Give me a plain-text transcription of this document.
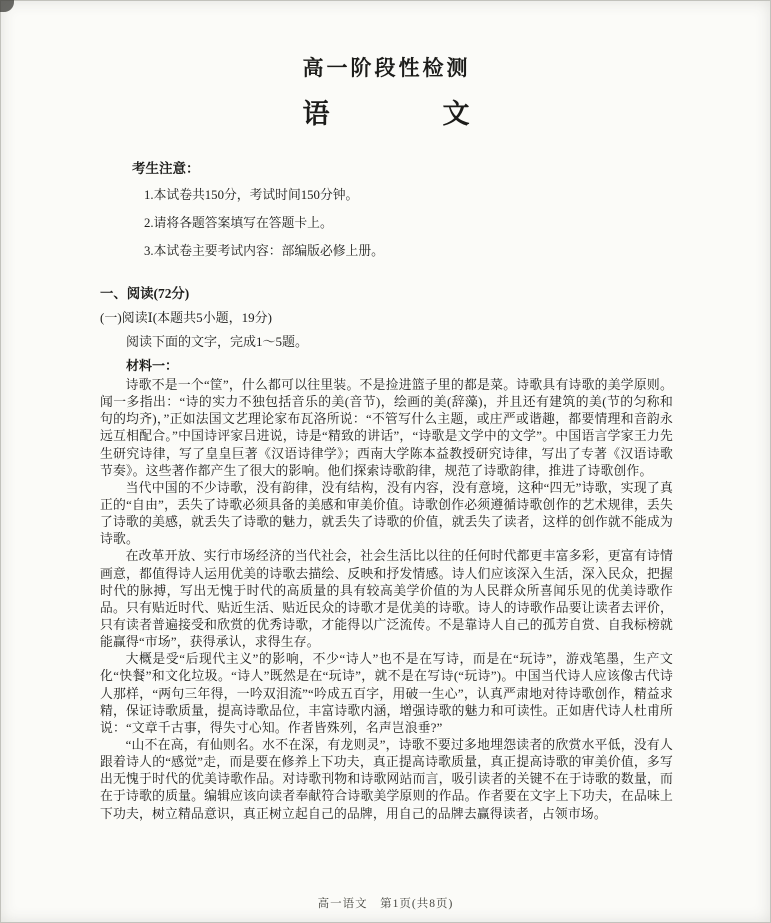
高一阶段性检测
语　　　　文

考生注意：

1.本试卷共150分，考试时间150分钟。

2.请将各题答案填写在答题卡上。

3.本试卷主要考试内容：部编版必修上册。

一、阅读(72分)

(一)阅读Ⅰ(本题共5小题，19分)

阅读下面的文字，完成1～5题。

材料一：

诗歌不是一个“筐”，什么都可以往里装。不是捡进篮子里的都是菜。诗歌具有诗歌的美学原则。闻一多指出：“诗的实力不独包括音乐的美(音节)，绘画的美(辞藻)，并且还有建筑的美(节的匀称和句的均齐)，”正如法国文艺理论家布瓦洛所说：“不管写什么主题，或庄严或谐趣，都要情理和音韵永远互相配合。”中国诗评家吕进说，诗是“精致的讲话”，“诗歌是文学中的文学”。中国语言学家王力先生研究诗律，写了皇皇巨著《汉语诗律学》；西南大学陈本益教授研究诗律，写出了专著《汉语诗歌节奏》。这些著作都产生了很大的影响。他们探索诗歌韵律，规范了诗歌韵律，推进了诗歌创作。

当代中国的不少诗歌，没有韵律，没有结构，没有内容，没有意境，这种“四无”诗歌，实现了真正的“自由”，丢失了诗歌必须具备的美感和审美价值。诗歌创作必须遵循诗歌创作的艺术规律，丢失了诗歌的美感，就丢失了诗歌的魅力，就丢失了诗歌的价值，就丢失了读者，这样的创作就不能成为诗歌。

在改革开放、实行市场经济的当代社会，社会生活比以往的任何时代都更丰富多彩，更富有诗情画意，都值得诗人运用优美的诗歌去描绘、反映和抒发情感。诗人们应该深入生活，深入民众，把握时代的脉搏，写出无愧于时代的高质量的具有较高美学价值的为人民群众所喜闻乐见的优美诗歌作品。只有贴近时代、贴近生活、贴近民众的诗歌才是优美的诗歌。诗人的诗歌作品要让读者去评价，只有读者普遍接受和欣赏的优秀诗歌，才能得以广泛流传。不是靠诗人自己的孤芳自赏、自我标榜就能赢得“市场”，获得承认，求得生存。

大概是受“后现代主义”的影响，不少“诗人”也不是在写诗，而是在“玩诗”，游戏笔墨，生产文化“快餐”和文化垃圾。“诗人”既然是在“玩诗”，就不是在写诗(“玩诗”)。中国当代诗人应该像古代诗人那样，“两句三年得，一吟双泪流”“吟成五百字，用破一生心”，认真严肃地对待诗歌创作，精益求精，保证诗歌质量，提高诗歌品位，丰富诗歌内涵，增强诗歌的魅力和可读性。正如唐代诗人杜甫所说：“文章千古事，得失寸心知。作者皆殊列，名声岂浪垂?”

“山不在高，有仙则名。水不在深，有龙则灵”，诗歌不要过多地埋怨读者的欣赏水平低，没有人跟着诗人的“感觉”走，而是要在修养上下功夫，真正提高诗歌质量，真正提高诗歌的审美价值，多写出无愧于时代的优美诗歌作品。对诗歌刊物和诗歌网站而言，吸引读者的关键不在于诗歌的数量，而在于诗歌的质量。编辑应该向读者奉献符合诗歌美学原则的作品。作者要在文字上下功夫，在品味上下功夫，树立精品意识，真正树立起自己的品牌，用自己的品牌去赢得读者，占领市场。

高一语文　第1页(共8页)
